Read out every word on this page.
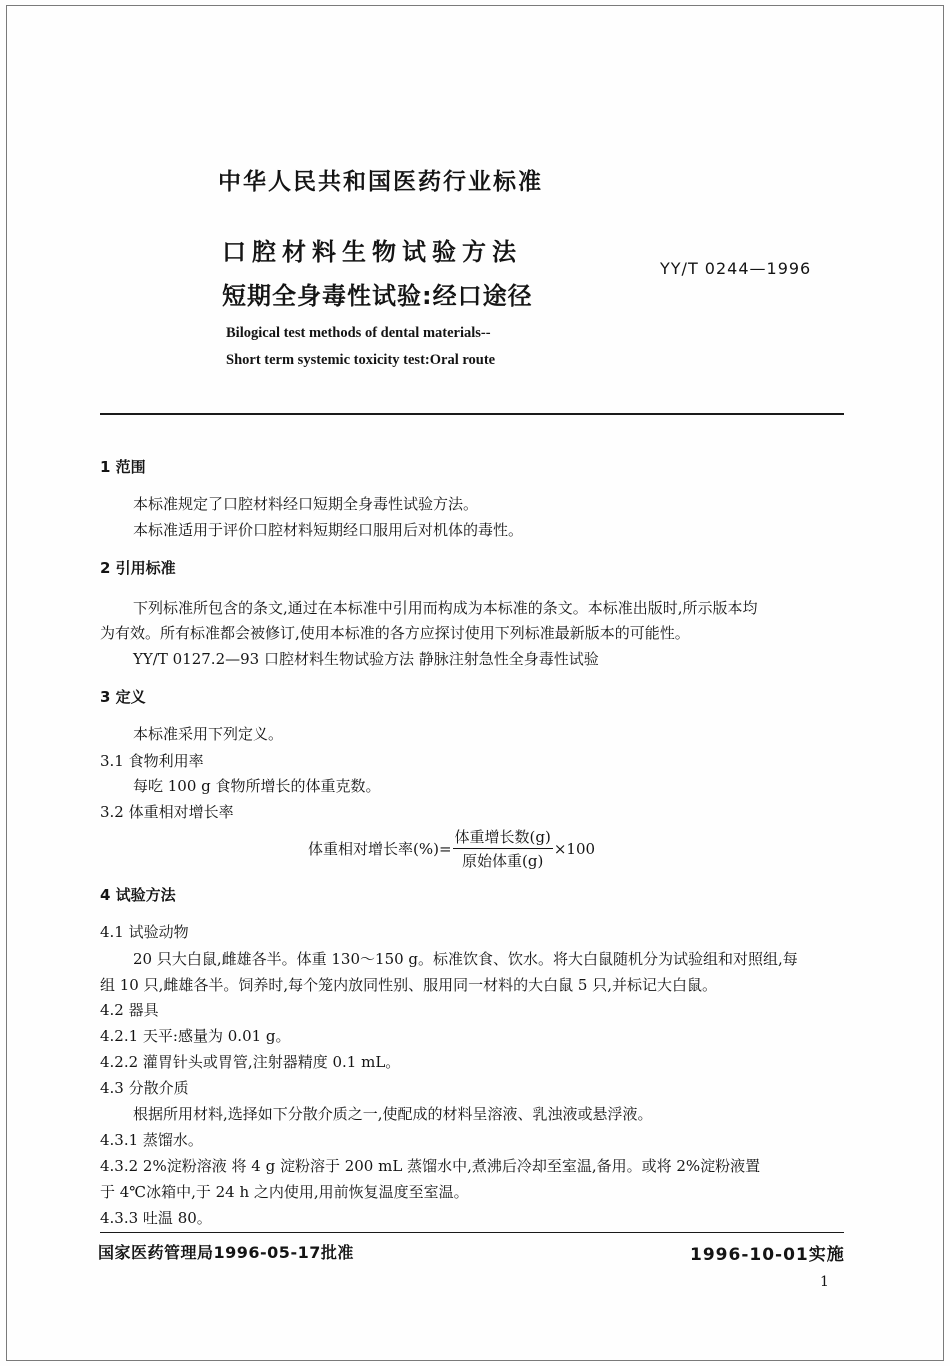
中华人民共和国医药行业标准
口腔材料生物试验方法
短期全身毒性试验:经口途径
YY/T 0244—1996
Bilogical test methods of dental materials--
Short term systemic toxicity test:Oral route
1 范围
本标准规定了口腔材料经口短期全身毒性试验方法。
本标准适用于评价口腔材料短期经口服用后对机体的毒性。
2 引用标准
下列标准所包含的条文,通过在本标准中引用而构成为本标准的条文。本标准出版时,所示版本均
为有效。所有标准都会被修订,使用本标准的各方应探讨使用下列标准最新版本的可能性。
YY/T 0127.2—93 口腔材料生物试验方法 静脉注射急性全身毒性试验
3 定义
本标准采用下列定义。
3.1 食物利用率
每吃 100 g 食物所增长的体重克数。
3.2 体重相对增长率
体重相对增长率(%)= $\frac{\text{体重增长数(g)}}{\text{原始体重(g)}} \times 100$
4 试验方法
4.1 试验动物
20 只大白鼠,雌雄各半。体重 130～150 g。标准饮食、饮水。将大白鼠随机分为试验组和对照组,每
组 10 只,雌雄各半。饲养时,每个笼内放同性别、服用同一材料的大白鼠 5 只,并标记大白鼠。
4.2 器具
4.2.1 天平:感量为 0.01 g。
4.2.2 灌胃针头或胃管,注射器精度 0.1 mL。
4.3 分散介质
根据所用材料,选择如下分散介质之一,使配成的材料呈溶液、乳浊液或悬浮液。
4.3.1 蒸馏水。
4.3.2 2%淀粉溶液 将 4 g 淀粉溶于 200 mL 蒸馏水中,煮沸后冷却至室温,备用。或将 2%淀粉液置
于 4℃冰箱中,于 24 h 之内使用,用前恢复温度至室温。
4.3.3 吐温 80。
国家医药管理局1996-05-17批准	1996-10-01实施
1
